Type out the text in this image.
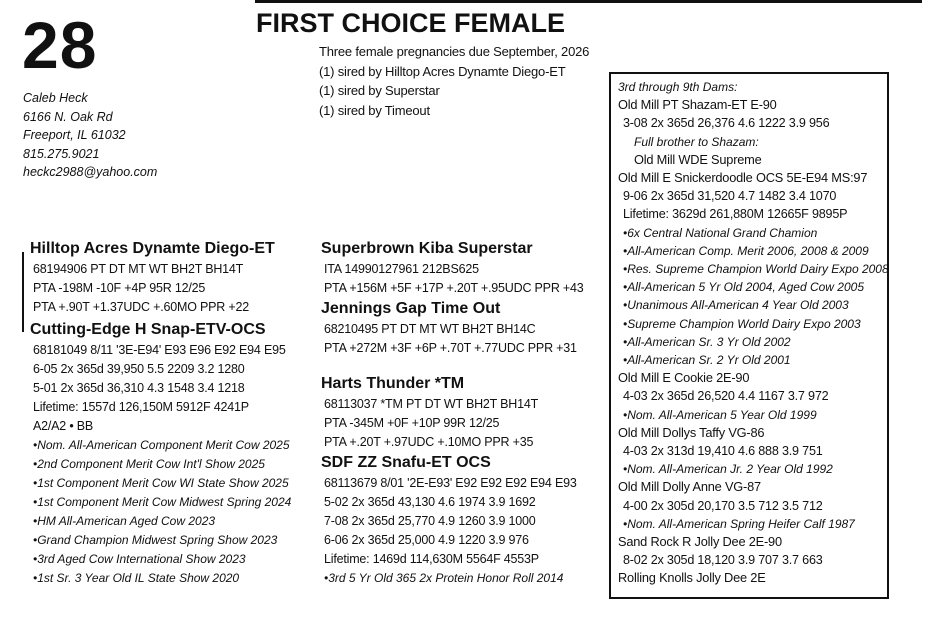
28	FIRST CHOICE FEMALE
Three female pregnancies due September, 2026
(1) sired by Hilltop Acres Dynamte Diego-ET
(1) sired by Superstar
(1) sired by Timeout
Caleb Heck
6166 N. Oak Rd
Freeport, IL 61032
815.275.9021
heckc2988@yahoo.com
Hilltop Acres Dynamte Diego-ET
68194906 PT DT MT WT BH2T BH14T
PTA -198M -10F +4P 95R 12/25
PTA +.90T +1.37UDC +.60MO PPR +22
Cutting-Edge H Snap-ETV-OCS
68181049 8/11 '3E-E94' E93 E96 E92 E94 E95
6-05 2x 365d 39,950 5.5 2209 3.2 1280
5-01 2x 365d 36,310 4.3 1548 3.4 1218
Lifetime: 1557d 126,150M 5912F 4241P
A2/A2 • BB
•Nom. All-American Component Merit Cow 2025
•2nd Component Merit Cow Int'l Show 2025
•1st Component Merit Cow WI State Show 2025
•1st Component Merit Cow Midwest Spring 2024
•HM All-American Aged Cow 2023
•Grand Champion Midwest Spring Show 2023
•3rd Aged Cow International Show 2023
•1st Sr. 3 Year Old IL State Show 2020
Superbrown Kiba Superstar
ITA 14990127961 212BS625
PTA +156M +5F +17P +.20T +.95UDC PPR +43
Jennings Gap Time Out
68210495 PT DT MT WT BH2T BH14C
PTA +272M +3F +6P +.70T +.77UDC PPR +31
Harts Thunder *TM
68113037 *TM PT DT WT BH2T BH14T
PTA -345M +0F +10P 99R 12/25
PTA +.20T +.97UDC +.10MO PPR +35
SDF ZZ Snafu-ET OCS
68113679 8/01 '2E-E93' E92 E92 E92 E94 E93
5-02 2x 365d 43,130 4.6 1974 3.9 1692
7-08 2x 365d 25,770 4.9 1260 3.9 1000
6-06 2x 365d 25,000 4.9 1220 3.9 976
Lifetime: 1469d 114,630M 5564F 4553P
•3rd 5 Yr Old 365 2x Protein Honor Roll 2014
3rd through 9th Dams:
Old Mill PT Shazam-ET E-90
3-08 2x 365d 26,376 4.6 1222 3.9 956
Full brother to Shazam:
Old Mill WDE Supreme
Old Mill E Snickerdoodle OCS 5E-E94 MS:97
9-06 2x 365d 31,520 4.7 1482 3.4 1070
Lifetime: 3629d 261,880M 12665F 9895P
•6x Central National Grand Chamion
•All-American Comp. Merit 2006, 2008 & 2009
•Res. Supreme Champion World Dairy Expo 2008
•All-American 5 Yr Old 2004, Aged Cow 2005
•Unanimous All-American 4 Year Old 2003
•Supreme Champion World Dairy Expo 2003
•All-American Sr. 3 Yr Old 2002
•All-American Sr. 2 Yr Old 2001
Old Mill E Cookie 2E-90
4-03 2x 365d 26,520 4.4 1167 3.7 972
•Nom. All-American 5 Year Old 1999
Old Mill Dollys Taffy VG-86
4-03 2x 313d 19,410 4.6 888 3.9 751
•Nom. All-American Jr. 2 Year Old 1992
Old Mill Dolly Anne VG-87
4-00 2x 305d 20,170 3.5 712 3.5 712
•Nom. All-American Spring Heifer Calf 1987
Sand Rock R Jolly Dee 2E-90
8-02 2x 305d 18,120 3.9 707 3.7 663
Rolling Knolls Jolly Dee 2E
